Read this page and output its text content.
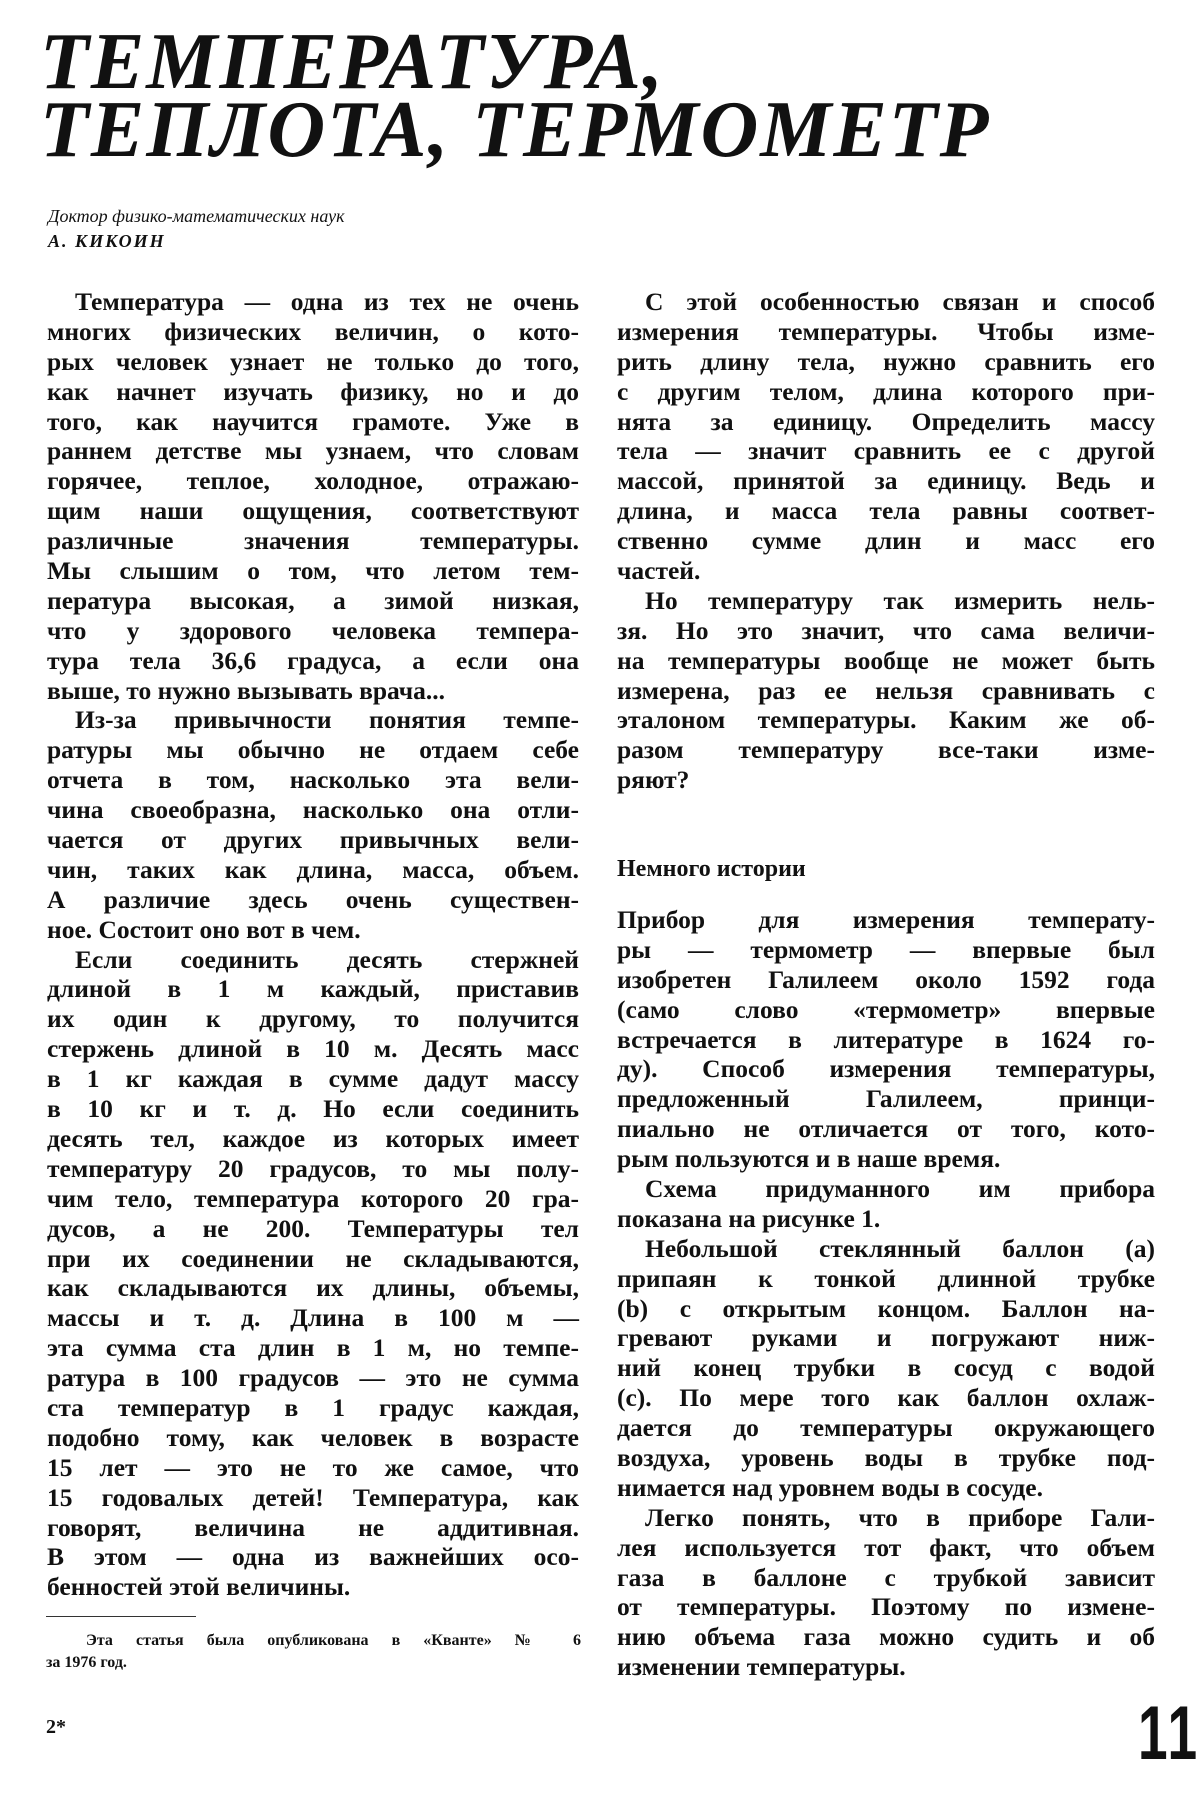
ТЕМПЕРАТУРА,
ТЕПЛОТА, ТЕРМОМЕТР
Доктор физико-математических наук
А. КИКОИН
Температура — одна из тех не очень
многих физических величин, о кото-
рых человек узнает не только до того,
как начнет изучать физику, но и до
того, как научится грамоте. Уже в
раннем детстве мы узнаем, что словам
горячее, теплое, холодное, отражаю-
щим наши ощущения, соответствуют
различные значения температуры.
Мы слышим о том, что летом тем-
пература высокая, а зимой низкая,
что у здорового человека темпера-
тура тела 36,6 градуса, а если она
выше, то нужно вызывать врача...
Из-за привычности понятия темпе-
ратуры мы обычно не отдаем себе
отчета в том, насколько эта вели-
чина своеобразна, насколько она отли-
чается от других привычных вели-
чин, таких как длина, масса, объем.
А различие здесь очень существен-
ное. Состоит оно вот в чем.
Если соединить десять стержней
длиной в 1 м каждый, приставив
их один к другому, то получится
стержень длиной в 10 м. Десять масс
в 1 кг каждая в сумме дадут массу
в 10 кг и т. д. Но если соединить
десять тел, каждое из которых имеет
температуру 20 градусов, то мы полу-
чим тело, температура которого 20 гра-
дусов, а не 200. Температуры тел
при их соединении не складываются,
как складываются их длины, объемы,
массы и т. д. Длина в 100 м —
эта сумма ста длин в 1 м, но темпе-
ратура в 100 градусов — это не сумма
ста температур в 1 градус каждая,
подобно тому, как человек в возрасте
15 лет — это не то же самое, что
15 годовалых детей! Температура, как
говорят, величина не аддитивная.
В этом — одна из важнейших осо-
бенностей этой величины.
С этой особенностью связан и способ
измерения температуры. Чтобы изме-
рить длину тела, нужно сравнить его
с другим телом, длина которого при-
нята за единицу. Определить массу
тела — значит сравнить ее с другой
массой, принятой за единицу. Ведь и
длина, и масса тела равны соответ-
ственно сумме длин и масс его
частей.
Но температуру так измерить нель-
зя. Но это значит, что сама величи-
на температуры вообще не может быть
измерена, раз ее нельзя сравнивать с
эталоном температуры. Каким же об-
разом температуру все-таки изме-
ряют?
Немного истории
Прибор для измерения температу-
ры — термометр — впервые был
изобретен Галилеем около 1592 года
(само слово «термометр» впервые
встречается в литературе в 1624 го-
ду). Способ измерения температуры,
предложенный Галилеем, принци-
пиально не отличается от того, кото-
рым пользуются и в наше время.
Схема придуманного им прибора
показана на рисунке 1.
Небольшой стеклянный баллон (a)
припаян к тонкой длинной трубке
(b) с открытым концом. Баллон на-
гревают руками и погружают ниж-
ний конец трубки в сосуд с водой
(c). По мере того как баллон охлаж-
дается до температуры окружающего
воздуха, уровень воды в трубке под-
нимается над уровнем воды в сосуде.
Легко понять, что в приборе Гали-
лея используется тот факт, что объем
газа в баллоне с трубкой зависит
от температуры. Поэтому по измене-
нию объема газа можно судить и об
изменении температуры.
Эта статья была опубликована в «Кванте» № 6
за 1976 год.
2*	11
